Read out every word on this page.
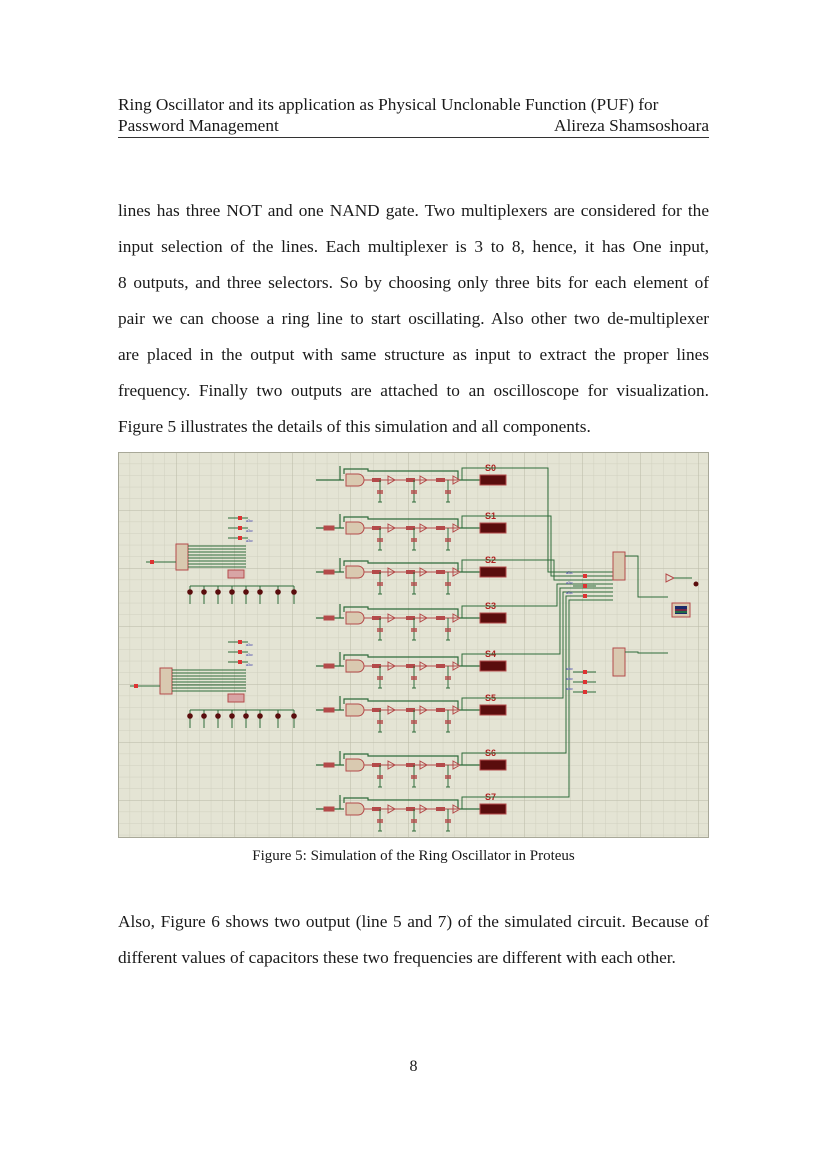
Ring Oscillator and its application as Physical Unclonable Function (PUF) for
Password Management	Alireza Shamsoshoara
lines has three NOT and one NAND gate. Two multiplexers are considered for the
input selection of the lines. Each multiplexer is 3 to 8, hence, it has One input,
8 outputs, and three selectors. So by choosing only three bits for each element of
pair we can choose a ring line to start oscillating. Also other two de-multiplexer
are placed in the output with same structure as input to extract the proper lines
frequency. Finally two outputs are attached to an oscilloscope for visualization.
Figure 5 illustrates the details of this simulation and all components.
S0
S1
S2
S3
S4
S5
S6
S7
abc
abc
abc
abc
abc
abc
abc
abc
abc
abc
abc
abc
Figure 5: Simulation of the Ring Oscillator in Proteus
Also, Figure 6 shows two output (line 5 and 7) of the simulated circuit. Because of
different values of capacitors these two frequencies are different with each other.
8
